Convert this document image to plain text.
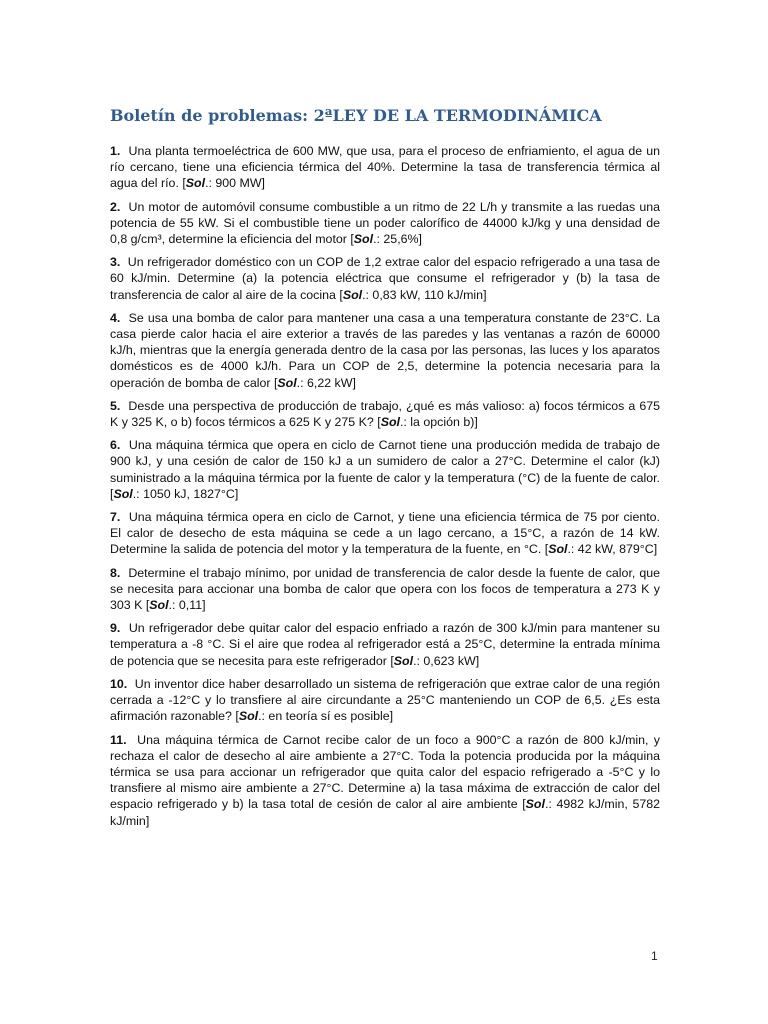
Boletín de problemas: 2ªLEY DE LA TERMODINÁMICA

1. Una planta termoeléctrica de 600 MW, que usa, para el proceso de enfriamiento, el agua de un río cercano, tiene una eficiencia térmica del 40%. Determine la tasa de transferencia térmica al agua del río. [Sol.: 900 MW]

2. Un motor de automóvil consume combustible a un ritmo de 22 L/h y transmite a las ruedas una potencia de 55 kW. Si el combustible tiene un poder calorífico de 44000 kJ/kg y una densidad de 0,8 g/cm³, determine la eficiencia del motor [Sol.: 25,6%]

3. Un refrigerador doméstico con un COP de 1,2 extrae calor del espacio refrigerado a una tasa de 60 kJ/min. Determine (a) la potencia eléctrica que consume el refrigerador y (b) la tasa de transferencia de calor al aire de la cocina [Sol.: 0,83 kW, 110 kJ/min]

4. Se usa una bomba de calor para mantener una casa a una temperatura constante de 23°C. La casa pierde calor hacia el aire exterior a través de las paredes y las ventanas a razón de 60000 kJ/h, mientras que la energía generada dentro de la casa por las personas, las luces y los aparatos domésticos es de 4000 kJ/h. Para un COP de 2,5, determine la potencia necesaria para la operación de bomba de calor [Sol.: 6,22 kW]

5. Desde una perspectiva de producción de trabajo, ¿qué es más valioso: a) focos térmicos a 675 K y 325 K, o b) focos térmicos a 625 K y 275 K? [Sol.: la opción b)]

6. Una máquina térmica que opera en ciclo de Carnot tiene una producción medida de trabajo de 900 kJ, y una cesión de calor de 150 kJ a un sumidero de calor a 27°C. Determine el calor (kJ) suministrado a la máquina térmica por la fuente de calor y la temperatura (°C) de la fuente de calor. [Sol.: 1050 kJ, 1827°C]

7. Una máquina térmica opera en ciclo de Carnot, y tiene una eficiencia térmica de 75 por ciento. El calor de desecho de esta máquina se cede a un lago cercano, a 15°C, a razón de 14 kW. Determine la salida de potencia del motor y la temperatura de la fuente, en °C. [Sol.: 42 kW, 879°C]

8. Determine el trabajo mínimo, por unidad de transferencia de calor desde la fuente de calor, que se necesita para accionar una bomba de calor que opera con los focos de temperatura a 273 K y 303 K [Sol.: 0,11]

9. Un refrigerador debe quitar calor del espacio enfriado a razón de 300 kJ/min para mantener su temperatura a -8 °C. Si el aire que rodea al refrigerador está a 25°C, determine la entrada mínima de potencia que se necesita para este refrigerador [Sol.: 0,623 kW]

10. Un inventor dice haber desarrollado un sistema de refrigeración que extrae calor de una región cerrada a -12°C y lo transfiere al aire circundante a 25°C manteniendo un COP de 6,5. ¿Es esta afirmación razonable? [Sol.: en teoría sí es posible]

11. Una máquina térmica de Carnot recibe calor de un foco a 900°C a razón de 800 kJ/min, y rechaza el calor de desecho al aire ambiente a 27°C. Toda la potencia producida por la máquina térmica se usa para accionar un refrigerador que quita calor del espacio refrigerado a -5°C y lo transfiere al mismo aire ambiente a 27°C. Determine a) la tasa máxima de extracción de calor del espacio refrigerado y b) la tasa total de cesión de calor al aire ambiente [Sol.: 4982 kJ/min, 5782 kJ/min]

1
